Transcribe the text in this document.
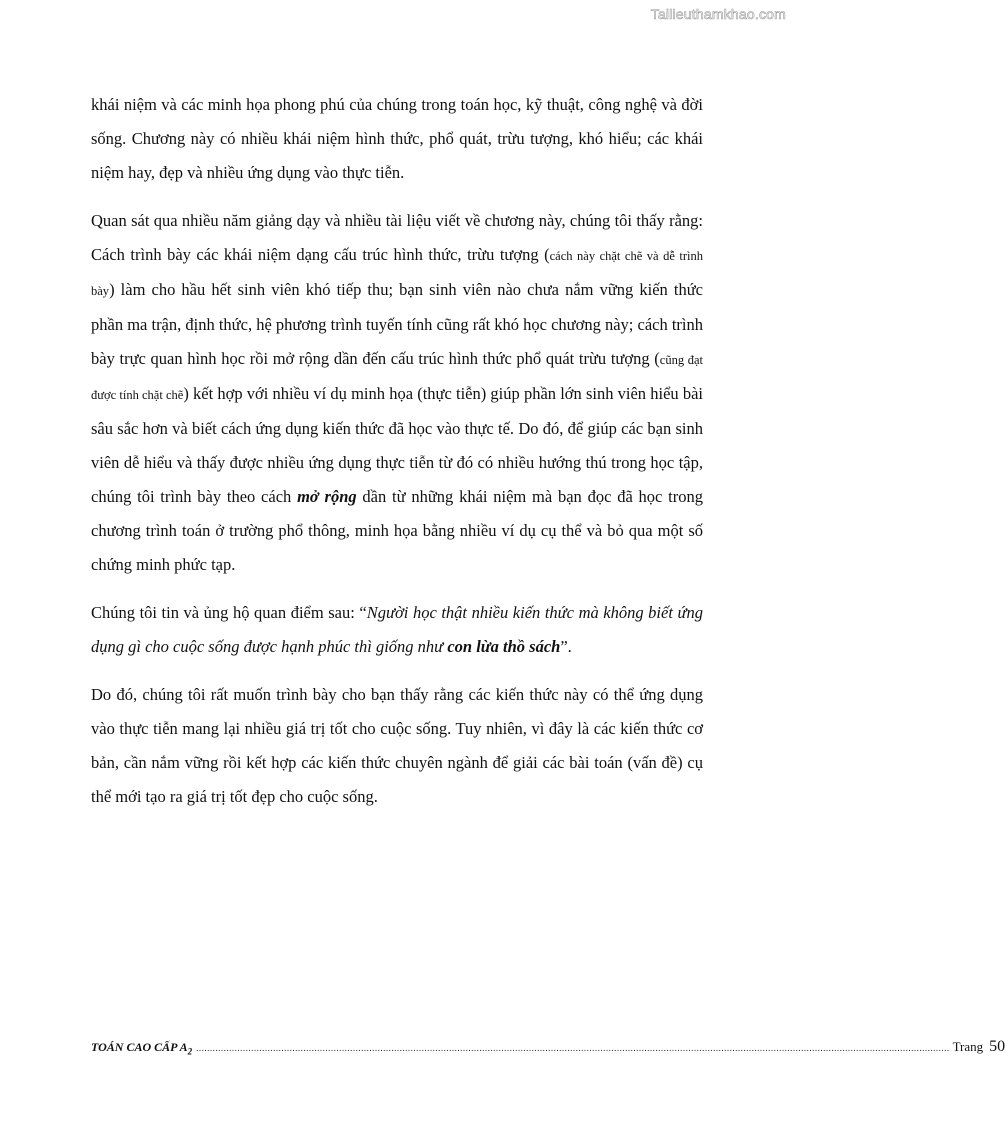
Tailieuthamkhao.com

khái niệm và các minh họa phong phú của chúng trong toán học, kỹ thuật, công nghệ và đời sống. Chương này có nhiều khái niệm hình thức, phổ quát, trừu tượng, khó hiểu; các khái niệm hay, đẹp và nhiều ứng dụng vào thực tiễn.

Quan sát qua nhiều năm giảng dạy và nhiều tài liệu viết về chương này, chúng tôi thấy rằng: Cách trình bày các khái niệm dạng cấu trúc hình thức, trừu tượng (cách này chặt chẽ và dễ trình bày) làm cho hầu hết sinh viên khó tiếp thu; bạn sinh viên nào chưa nắm vững kiến thức phần ma trận, định thức, hệ phương trình tuyến tính cũng rất khó học chương này; cách trình bày trực quan hình học rồi mở rộng dần đến cấu trúc hình thức phổ quát trừu tượng (cũng đạt được tính chặt chẽ) kết hợp với nhiều ví dụ minh họa (thực tiễn) giúp phần lớn sinh viên hiểu bài sâu sắc hơn và biết cách ứng dụng kiến thức đã học vào thực tế. Do đó, để giúp các bạn sinh viên dễ hiểu và thấy được nhiều ứng dụng thực tiễn từ đó có nhiều hướng thú trong học tập, chúng tôi trình bày theo cách mở rộng dần từ những khái niệm mà bạn đọc đã học trong chương trình toán ở trường phổ thông, minh họa bằng nhiều ví dụ cụ thể và bỏ qua một số chứng minh phức tạp.

Chúng tôi tin và ủng hộ quan điểm sau: “Người học thật nhiều kiến thức mà không biết ứng dụng gì cho cuộc sống được hạnh phúc thì giống như con lừa thồ sách”.

Do đó, chúng tôi rất muốn trình bày cho bạn thấy rằng các kiến thức này có thể ứng dụng vào thực tiễn mang lại nhiều giá trị tốt cho cuộc sống. Tuy nhiên, vì đây là các kiến thức cơ bản, cần nắm vững rồi kết hợp các kiến thức chuyên ngành để giải các bài toán (vấn đề) cụ thể mới tạo ra giá trị tốt đẹp cho cuộc sống.

TOÁN CAO CẤP $A_2$ .................................................................................................................................................................................................................................................................................. Trang 50
